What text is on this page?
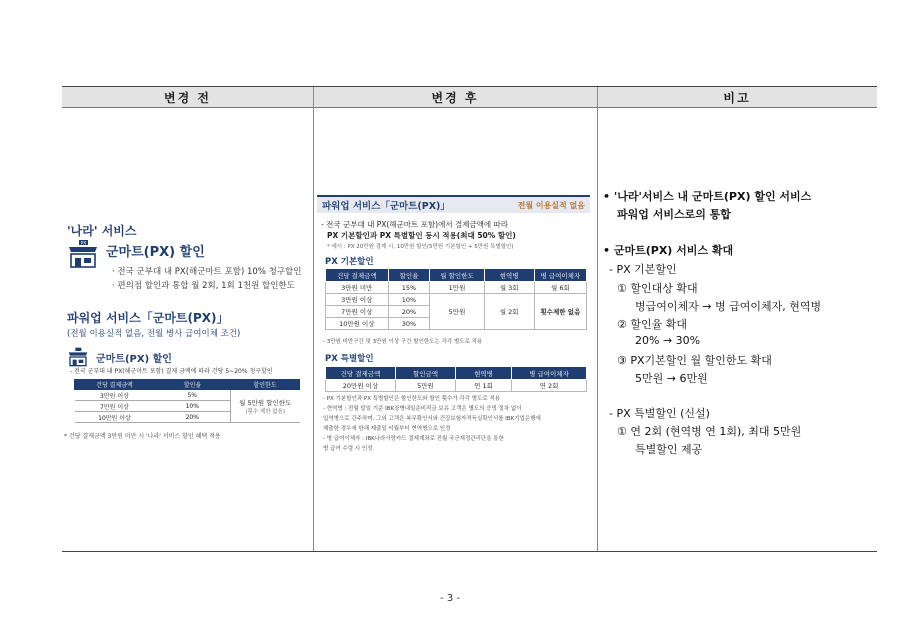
변경 전	변경 후	비고
'나라' 서비스
PX
군마트(PX) 할인
· 전국 군부대 내 PX(해군마트 포함) 10% 청구할인
· 편의점 할인과 통합 월 2회, 1회 1천원 할인한도
파워업 서비스「군마트(PX)」
(전월 이용실적 없음, 전월 병사 급여이체 조건)
군마트(PX) 할인
- 전국 군부대 내 PX(해군마트 포함) 결제 금액에 따라 건당 5~20% 청구할인
건당 결제금액	할인율	할인한도
3만원 이상	5%	월 5만원 할인한도
(횟수 제한 없음)

7만원 이상	10%	
10만원 이상	20%	
* 건당 결제금액 3만원 미만 시 '나라' 서비스 할인 혜택 적용
파워업 서비스「군마트(PX)」	전월 이용실적 없음
- 전국 군부대 내 PX(해군마트 포함)에서 결제금액에 따라
PX 기본할인과 PX 특별할인 동시 적용(최대 50% 할인)
* 예시 : PX 20만원 결제 시, 10만원 할인(5만원 기본할인 + 5만원 특별할인)
PX 기본할인
건당 결제금액	할인율	월 할인한도	현역병	병 급여이체자
3만원 미만	15%	1만원	월 3회	월 6회
3만원 이상	10%	5만원	월 2회	횟수제한 없음
7만원 이상	20%			
10만원 이상	30%			
- 3만원 미만구간 및 3만원 이상 구간 할인한도는 각각 별도로 적용
PX 특별할인
건당 결제금액	할인금액	현역병	병 급여이체자
20만원 이상	5만원	연 1회	연 2회
- PX 기본할인과 PX 특별할인은 할인한도와 할인 횟수가 각각 별도로 적용
- 현역병 : 전월 말일 기준 IBK장병내일준비적금 보유 고객은 별도의 증빙 절차 없이
입역병으로 간주하며, 그외 고객은 복무확인서와 건강보험자격득실확인서를 IBK기업은행에
제출한 경우에 한해 제출일 익월부터 현역병으로 인정
- 병 급여이체자 : IBK나라사랑카드 결제계좌로 전월 국군재정관리단을 통한
병 급여 수령 시 인정
• '나라'서비스 내 군마트(PX) 할인 서비스
파워업 서비스로의 통합
• 군마트(PX) 서비스 확대
- PX 기본할인
① 할인대상 확대
병급여이체자 → 병 급여이체자, 현역병
② 할인율 확대
20% → 30%
③ PX기본할인 월 할인한도 확대
5만원 → 6만원
- PX 특별할인 (신설)
① 연 2회 (현역병 연 1회), 최대 5만원
특별할인 제공
- 3 -
